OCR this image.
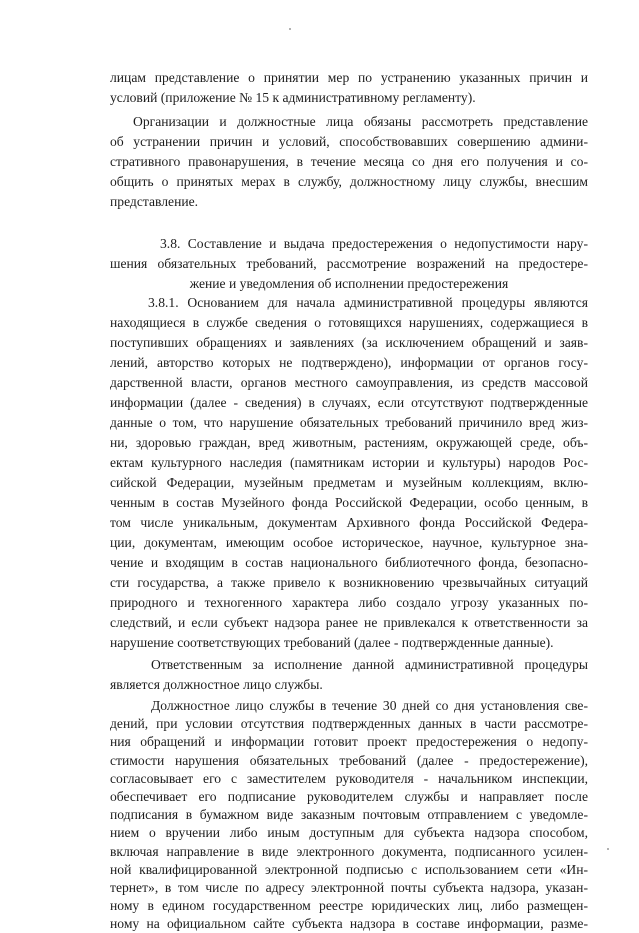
лицам представление о принятии мер по устранению указанных причин и
условий (приложение № 15 к административному регламенту).
Организации и должностные лица обязаны рассмотреть представление
об устранении причин и условий, способствовавших совершению админи-
стративного правонарушения, в течение месяца со дня его получения и со-
общить о принятых мерах в службу, должностному лицу службы, внесшим
представление.
3.8. Составление и выдача предостережения о недопустимости нару-
шения обязательных требований, рассмотрение возражений на предостере-
жение и уведомления об исполнении предостережения
3.8.1. Основанием для начала административной процедуры являются
находящиеся в службе сведения о готовящихся нарушениях, содержащиеся в
поступивших обращениях и заявлениях (за исключением обращений и заяв-
лений, авторство которых не подтверждено), информации от органов госу-
дарственной власти, органов местного самоуправления, из средств массовой
информации (далее - сведения) в случаях, если отсутствуют подтвержденные
данные о том, что нарушение обязательных требований причинило вред жиз-
ни, здоровью граждан, вред животным, растениям, окружающей среде, объ-
ектам культурного наследия (памятникам истории и культуры) народов Рос-
сийской Федерации, музейным предметам и музейным коллекциям, вклю-
ченным в состав Музейного фонда Российской Федерации, особо ценным, в
том числе уникальным, документам Архивного фонда Российской Федера-
ции, документам, имеющим особое историческое, научное, культурное зна-
чение и входящим в состав национального библиотечного фонда, безопасно-
сти государства, а также привело к возникновению чрезвычайных ситуаций
природного и техногенного характера либо создало угрозу указанных по-
следствий, и если субъект надзора ранее не привлекался к ответственности за
нарушение соответствующих требований (далее - подтвержденные данные).
Ответственным за исполнение данной административной процедуры
является должностное лицо службы.
Должностное лицо службы в течение 30 дней со дня установления све-
дений, при условии отсутствия подтвержденных данных в части рассмотре-
ния обращений и информации готовит проект предостережения о недопу-
стимости нарушения обязательных требований (далее - предостережение),
согласовывает его с заместителем руководителя - начальником инспекции,
обеспечивает его подписание руководителем службы и направляет после
подписания в бумажном виде заказным почтовым отправлением с уведомле-
нием о вручении либо иным доступным для субъекта надзора способом,
включая направление в виде электронного документа, подписанного усилен-
ной квалифицированной электронной подписью с использованием сети «Ин-
тернет», в том числе по адресу электронной почты субъекта надзора, указан-
ному в едином государственном реестре юридических лиц, либо размещен-
ному на официальном сайте субъекта надзора в составе информации, разме-
